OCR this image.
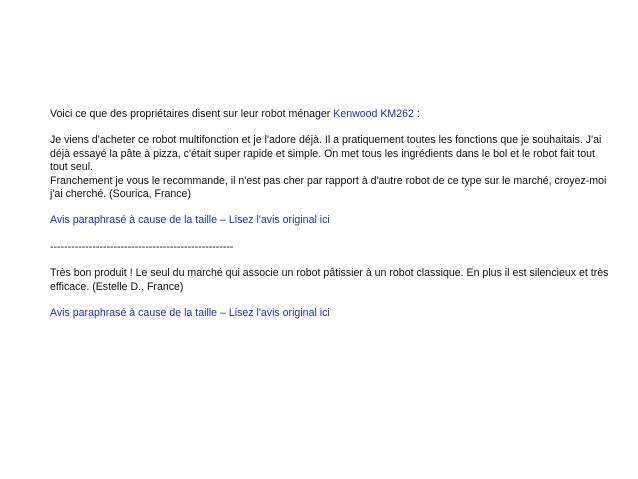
Voici ce que des propriétaires disent sur leur robot ménager Kenwood KM262 :

Je viens d'acheter ce robot multifonction et je l'adore déjà. Il a pratiquement toutes les fonctions que je souhaitais. J'ai déjà essayé la pâte à pizza, c'était super rapide et simple. On met tous les ingrédients dans le bol et le robot fait tout tout seul.

Franchement je vous le recommande, il n'est pas cher par rapport à d'autre robot de ce type sur le marché, croyez-moi j'ai cherché. (Sourica, France)

Avis paraphrasé à cause de la taille – Lisez l'avis original ici

----------------------------------------------------

Très bon produit ! Le seul du marché qui associe un robot pâtissier à un robot classique. En plus il est silencieux et très efficace. (Estelle D., France)

Avis paraphrasé à cause de la taille – Lisez l'avis original ici
